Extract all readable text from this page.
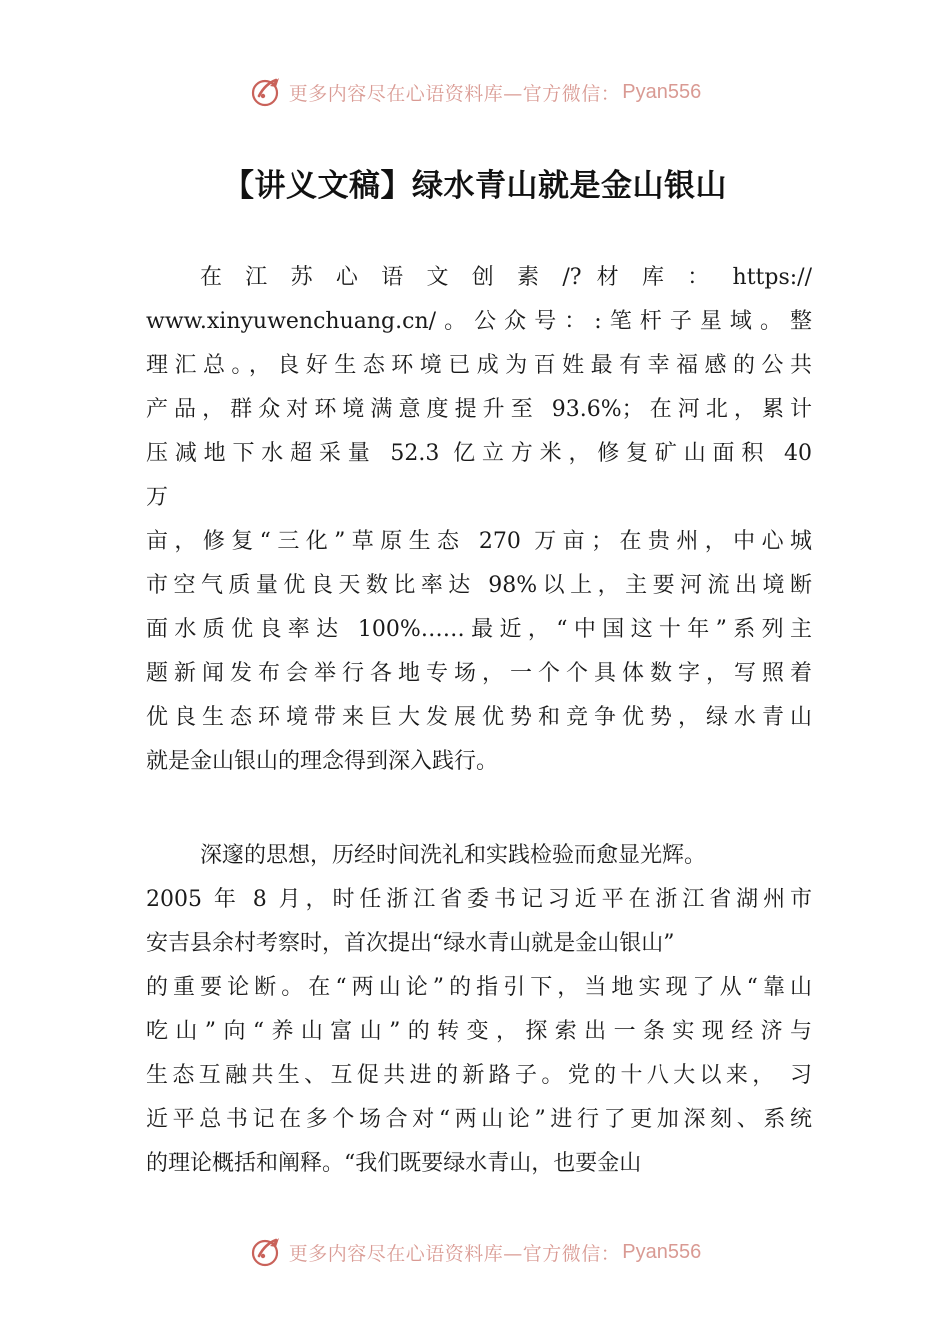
更多内容尽在心语资料库—官方微信： Pyan556
【讲义文稿】绿水青山就是金山银山
在 江 苏 心 语 文 创 素 /? 材 库 ： https://
www.xinyuwenchuang.cn/。公众号：:笔杆子星域。整
理汇总。，良好生态环境已成为百姓最有幸福感的公共
产品，群众对环境满意度提升至 93.6%；在河北，累计
压减地下水超采量 52.3 亿立方米，修复矿山面积 40
万
亩，修复“三化”草原生态 270 万亩；在贵州，中心城
市空气质量优良天数比率达 98%以上，主要河流出境断
面水质优良率达 100%……最近，“中国这十年”系列主
题新闻发布会举行各地专场，一个个具体数字，写照着
优良生态环境带来巨大发展优势和竞争优势，绿水青山
就是金山银山的理念得到深入践行。
深邃的思想，历经时间洗礼和实践检验而愈显光辉。
2005 年 8 月，时任浙江省委书记习近平在浙江省湖州市
安吉县余村考察时，首次提出“绿水青山就是金山银山”
的重要论断。在“两山论”的指引下，当地实现了从“靠山
吃山”向“养山富山”的转变，探索出一条实现经济与
生态互融共生、互促共进的新路子。党的十八大以来， 习
近平总书记在多个场合对“两山论”进行了更加深刻、系统
的理论概括和阐释。“我们既要绿水青山，也要金山
更多内容尽在心语资料库—官方微信： Pyan556
